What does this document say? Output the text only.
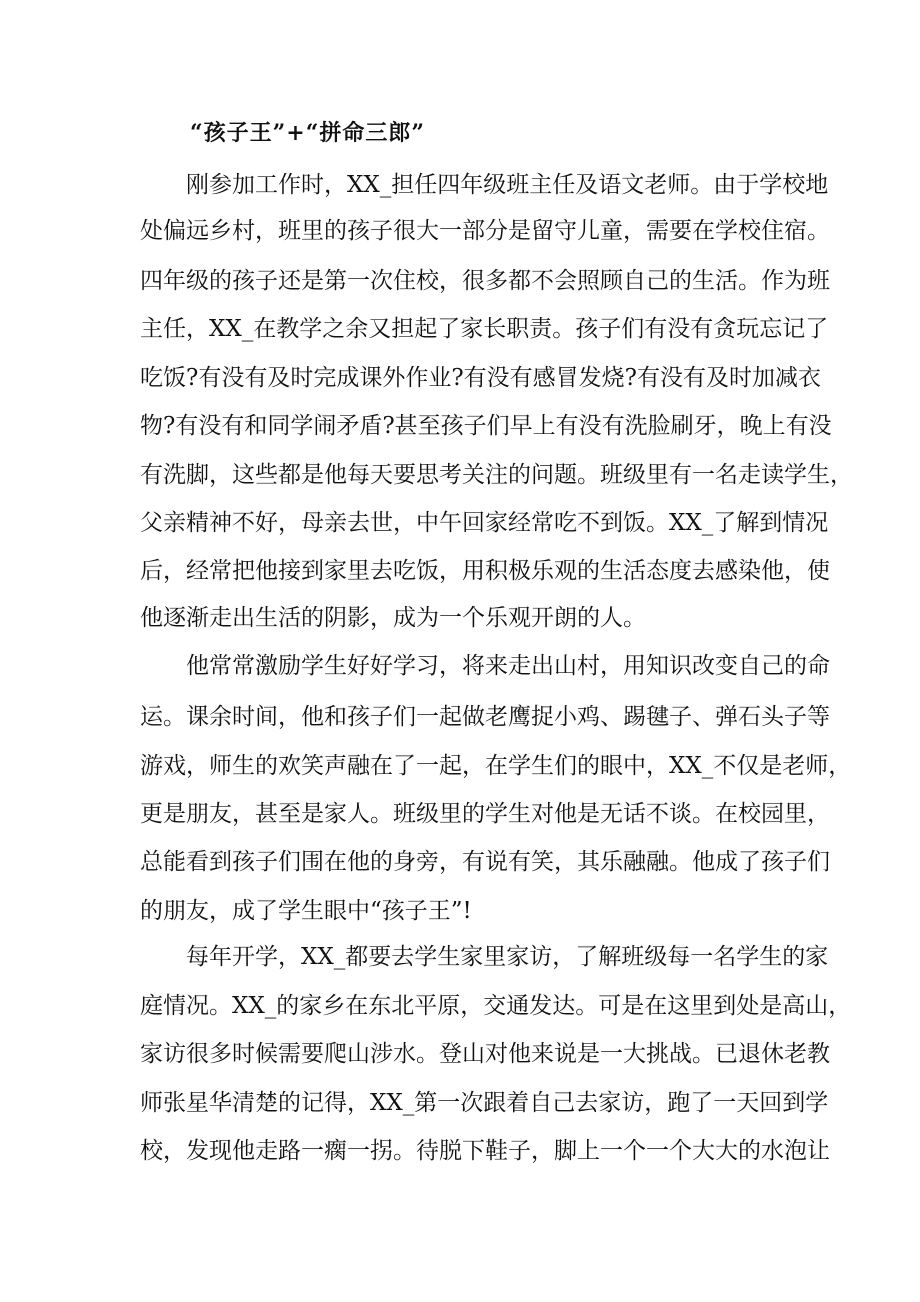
“孩子王”+“拼命三郎”
刚参加工作时，XX_担任四年级班主任及语文老师。由于学校地
处偏远乡村，班里的孩子很大一部分是留守儿童，需要在学校住宿。
四年级的孩子还是第一次住校，很多都不会照顾自己的生活。作为班
主任，XX_在教学之余又担起了家长职责。孩子们有没有贪玩忘记了
吃饭?有没有及时完成课外作业?有没有感冒发烧?有没有及时加减衣
物?有没有和同学闹矛盾?甚至孩子们早上有没有洗脸刷牙，晚上有没
有洗脚，这些都是他每天要思考关注的问题。班级里有一名走读学生，
父亲精神不好，母亲去世，中午回家经常吃不到饭。XX_了解到情况
后，经常把他接到家里去吃饭，用积极乐观的生活态度去感染他，使
他逐渐走出生活的阴影，成为一个乐观开朗的人。
他常常激励学生好好学习，将来走出山村，用知识改变自己的命
运。课余时间，他和孩子们一起做老鹰捉小鸡、踢毽子、弹石头子等
游戏，师生的欢笑声融在了一起，在学生们的眼中，XX_不仅是老师，
更是朋友，甚至是家人。班级里的学生对他是无话不谈。在校园里，
总能看到孩子们围在他的身旁，有说有笑，其乐融融。他成了孩子们
的朋友，成了学生眼中“孩子王”!
每年开学，XX_都要去学生家里家访，了解班级每一名学生的家
庭情况。XX_的家乡在东北平原，交通发达。可是在这里到处是高山，
家访很多时候需要爬山涉水。登山对他来说是一大挑战。已退休老教
师张星华清楚的记得，XX_第一次跟着自己去家访，跑了一天回到学
校，发现他走路一瘸一拐。待脱下鞋子，脚上一个一个大大的水泡让
